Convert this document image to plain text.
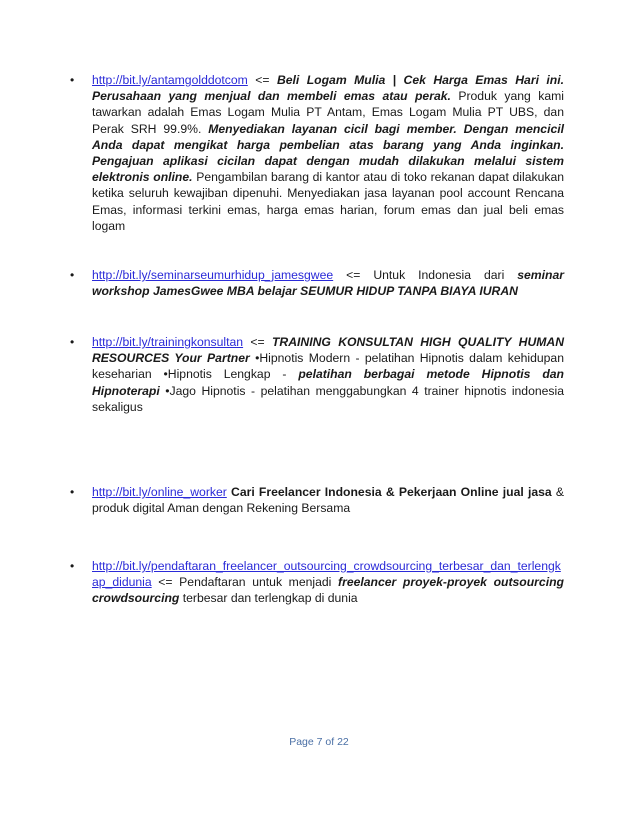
• http://bit.ly/antamgolddotcom <= Beli Logam Mulia | Cek Harga Emas Hari ini. Perusahaan yang menjual dan membeli emas atau perak. Produk yang kami tawarkan adalah Emas Logam Mulia PT Antam, Emas Logam Mulia PT UBS, dan Perak SRH 99.9%. Menyediakan layanan cicil bagi member. Dengan mencicil Anda dapat mengikat harga pembelian atas barang yang Anda inginkan. Pengajuan aplikasi cicilan dapat dengan mudah dilakukan melalui sistem elektronis online. Pengambilan barang di kantor atau di toko rekanan dapat dilakukan ketika seluruh kewajiban dipenuhi. Menyediakan jasa layanan pool account Rencana Emas, informasi terkini emas, harga emas harian, forum emas dan jual beli emas logam
• http://bit.ly/seminarseumurhidup_jamesgwee <= Untuk Indonesia dari seminar workshop JamesGwee MBA belajar SEUMUR HIDUP TANPA BIAYA IURAN
• http://bit.ly/trainingkonsultan <= TRAINING KONSULTAN HIGH QUALITY HUMAN RESOURCES Your Partner •Hipnotis Modern - pelatihan Hipnotis dalam kehidupan keseharian •Hipnotis Lengkap - pelatihan berbagai metode Hipnotis dan Hipnoterapi •Jago Hipnotis - pelatihan menggabungkan 4 trainer hipnotis indonesia sekaligus
• http://bit.ly/online_worker Cari Freelancer Indonesia & Pekerjaan Online jual jasa & produk digital Aman dengan Rekening Bersama
• http://bit.ly/pendaftaran_freelancer_outsourcing_crowdsourcing_terbesar_dan_terlengkap_didunia <= Pendaftaran untuk menjadi freelancer proyek-proyek outsourcing crowdsourcing terbesar dan terlengkap di dunia
Page 7 of 22
